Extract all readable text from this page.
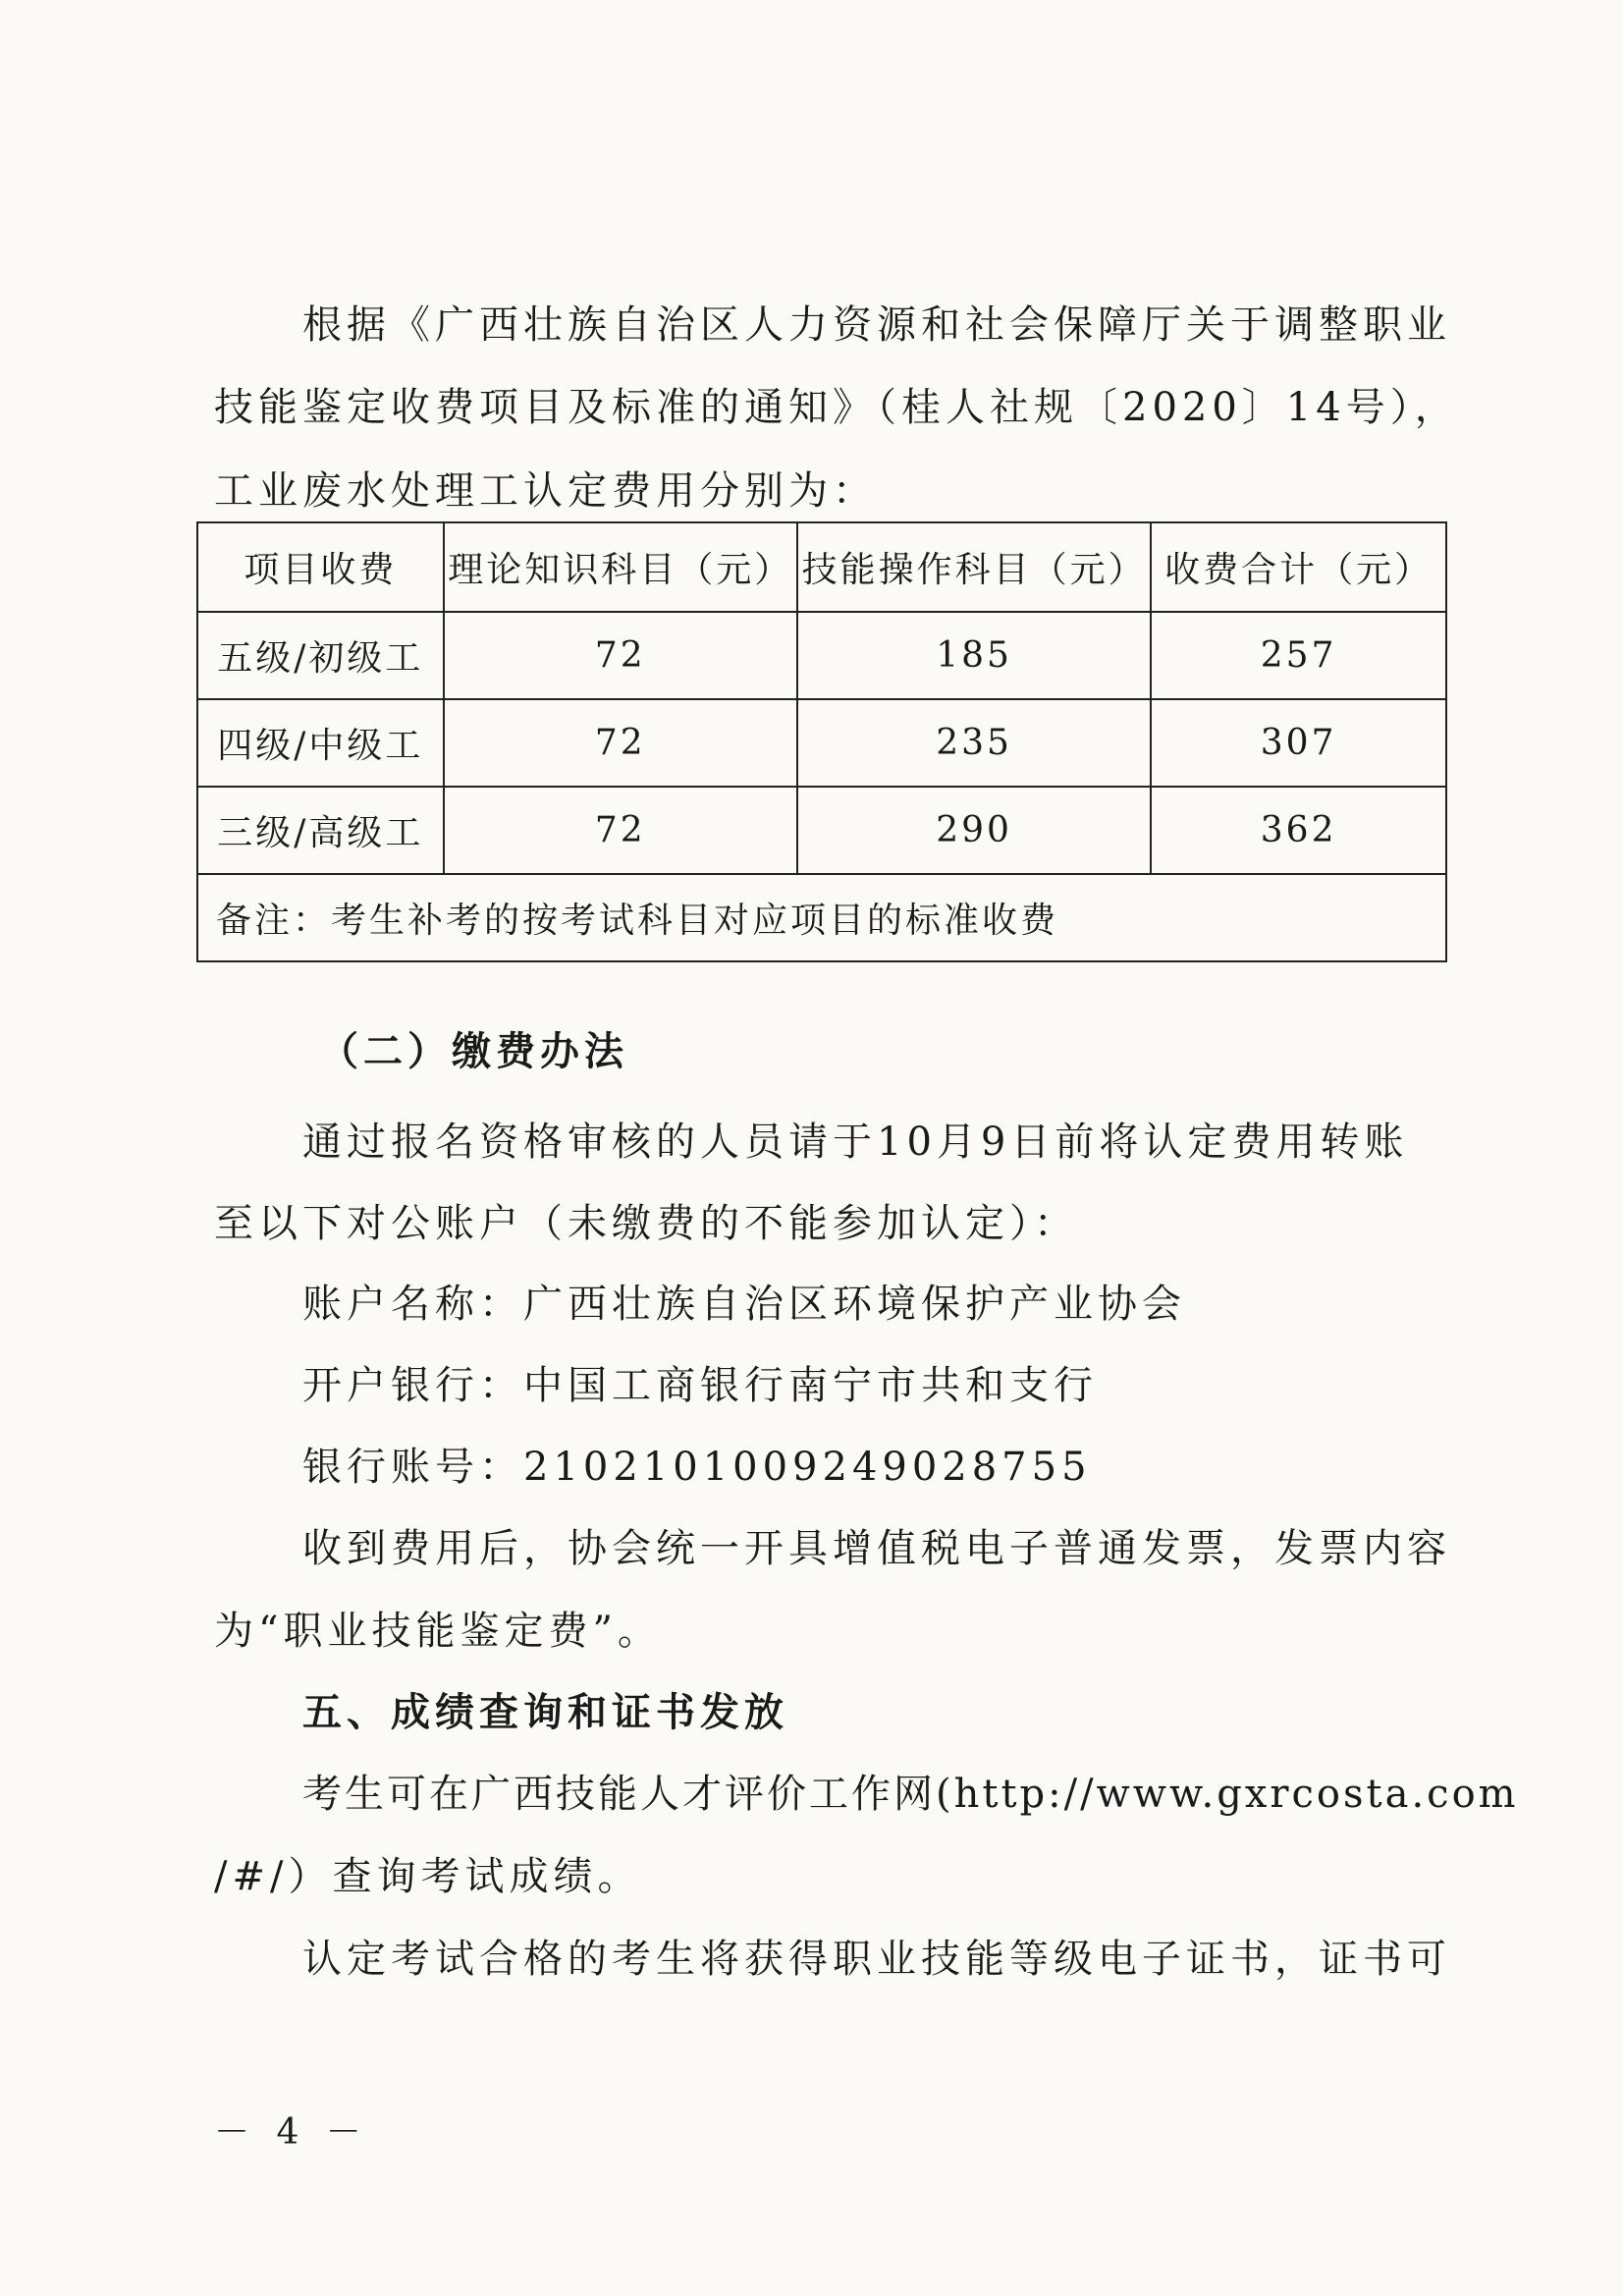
根据《广西壮族自治区人力资源和社会保障厅关于调整职业
技能鉴定收费项目及标准的通知》（桂人社规〔2020〕14号），
工业废水处理工认定费用分别为：
项目收费	理论知识科目（元）	技能操作科目（元）	收费合计（元）
五级/初级工	72	185	257
四级/中级工	72	235	307
三级/高级工	72	290	362
备注：考生补考的按考试科目对应项目的标准收费			
（二）缴费办法
通过报名资格审核的人员请于10月9日前将认定费用转账
至以下对公账户（未缴费的不能参加认定）：
账户名称：广西壮族自治区环境保护产业协会
开户银行：中国工商银行南宁市共和支行
银行账号：2102101009249028755
收到费用后，协会统一开具增值税电子普通发票，发票内容
为“职业技能鉴定费”。
五、成绩查询和证书发放
考生可在广西技能人才评价工作网(http://www.gxrcosta.com
/#/）查询考试成绩。
认定考试合格的考生将获得职业技能等级电子证书，证书可
－ 4 －
